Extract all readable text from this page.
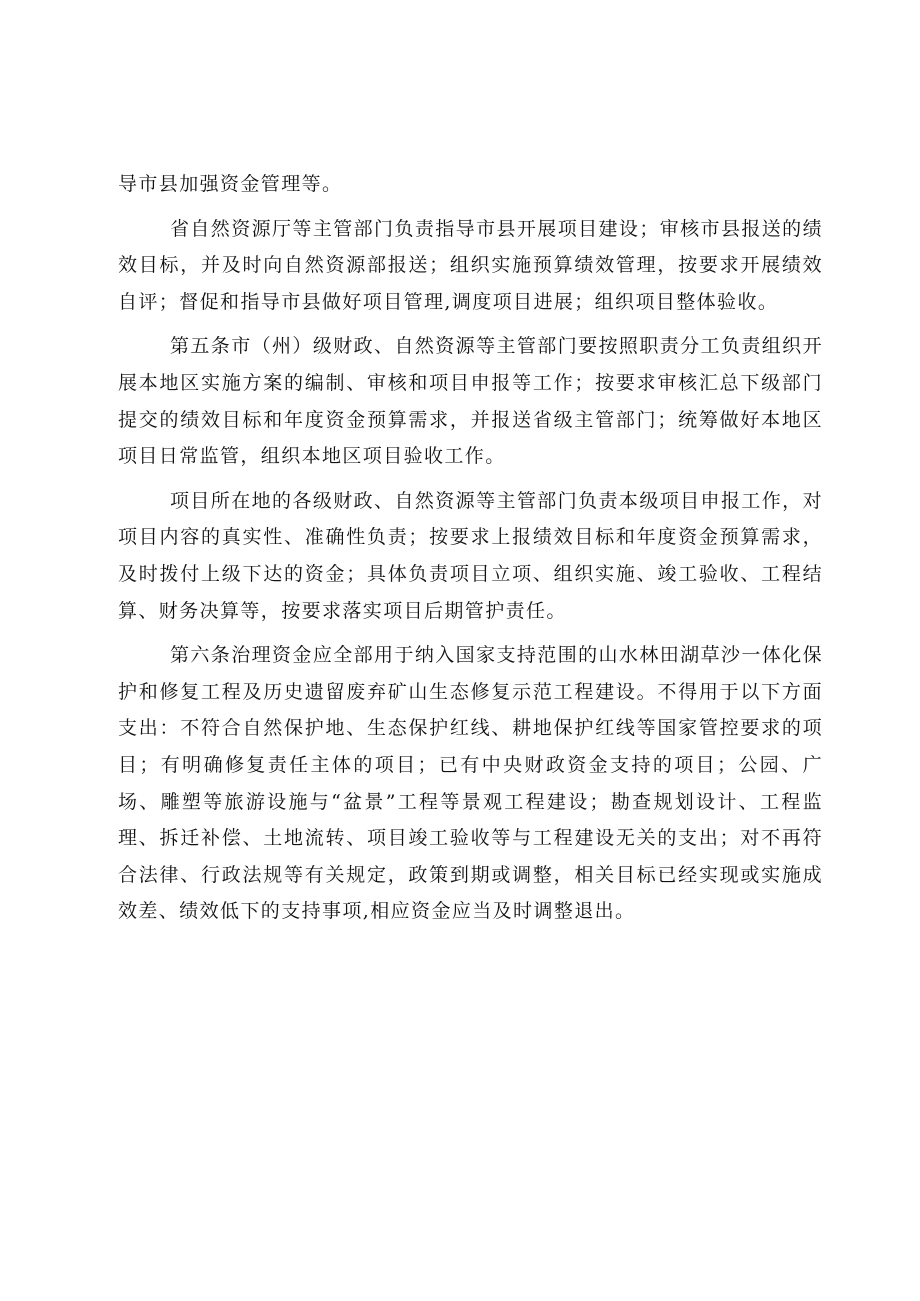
导市县加强资金管理等。

省自然资源厅等主管部门负责指导市县开展项目建设；审核市县报送的绩效目标，并及时向自然资源部报送；组织实施预算绩效管理，按要求开展绩效自评；督促和指导市县做好项目管理,调度项目进展；组织项目整体验收。

第五条市（州）级财政、自然资源等主管部门要按照职责分工负责组织开展本地区实施方案的编制、审核和项目申报等工作；按要求审核汇总下级部门提交的绩效目标和年度资金预算需求，并报送省级主管部门；统筹做好本地区项目日常监管，组织本地区项目验收工作。

项目所在地的各级财政、自然资源等主管部门负责本级项目申报工作，对项目内容的真实性、准确性负责；按要求上报绩效目标和年度资金预算需求，及时拨付上级下达的资金；具体负责项目立项、组织实施、竣工验收、工程结算、财务决算等，按要求落实项目后期管护责任。

第六条治理资金应全部用于纳入国家支持范围的山水林田湖草沙一体化保护和修复工程及历史遗留废弃矿山生态修复示范工程建设。不得用于以下方面支出：不符合自然保护地、生态保护红线、耕地保护红线等国家管控要求的项目；有明确修复责任主体的项目；已有中央财政资金支持的项目；公园、广场、雕塑等旅游设施与“盆景”工程等景观工程建设；勘查规划设计、工程监理、拆迁补偿、土地流转、项目竣工验收等与工程建设无关的支出；对不再符合法律、行政法规等有关规定，政策到期或调整，相关目标已经实现或实施成效差、绩效低下的支持事项,相应资金应当及时调整退出。
